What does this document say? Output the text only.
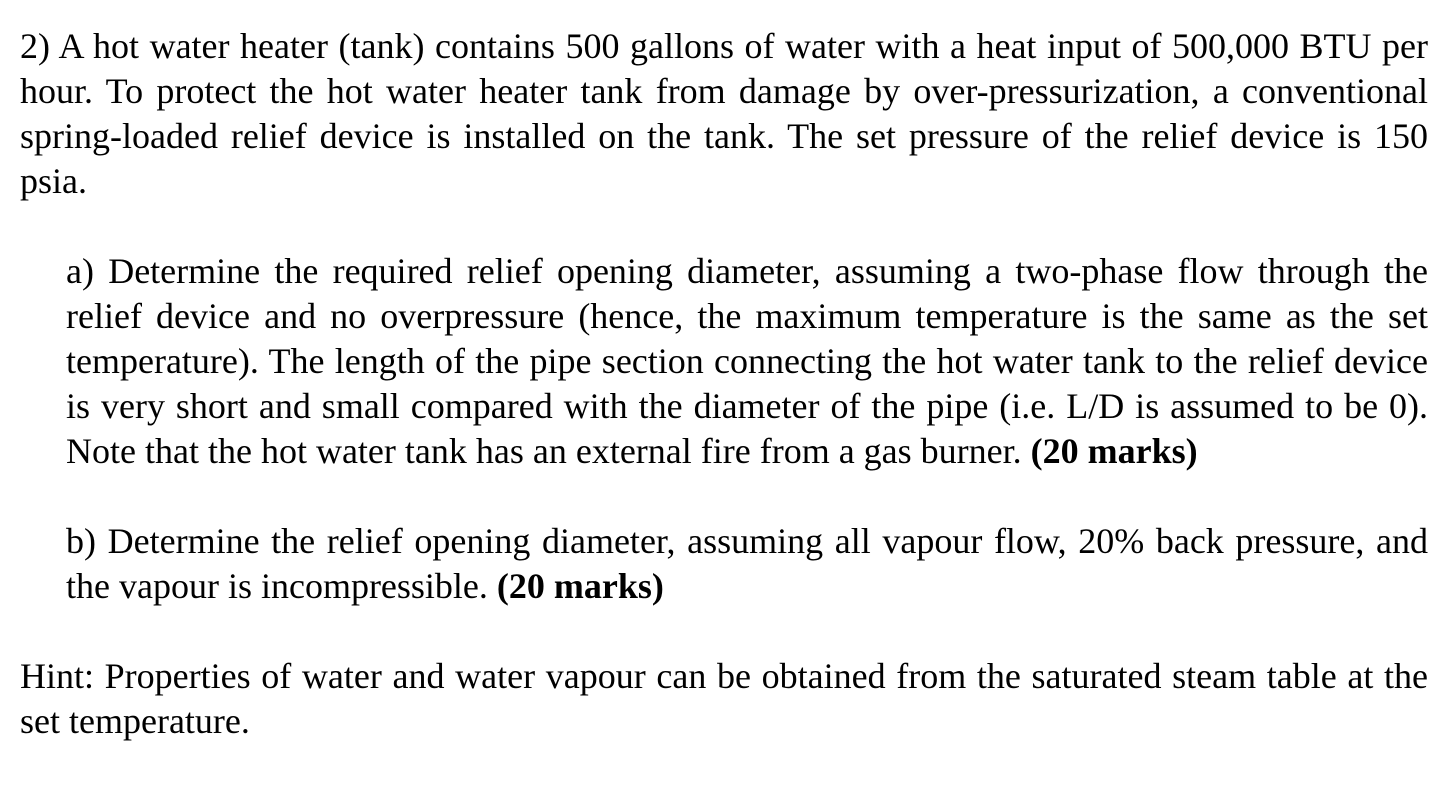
2) A hot water heater (tank) contains 500 gallons of water with a heat input of 500,000 BTU per hour. To protect the hot water heater tank from damage by over-pressurization, a conventional spring-loaded relief device is installed on the tank. The set pressure of the relief device is 150 psia.

a) Determine the required relief opening diameter, assuming a two-phase flow through the relief device and no overpressure (hence, the maximum temperature is the same as the set temperature). The length of the pipe section connecting the hot water tank to the relief device is very short and small compared with the diameter of the pipe (i.e. L/D is assumed to be 0). Note that the hot water tank has an external fire from a gas burner. (20 marks)

b) Determine the relief opening diameter, assuming all vapour flow, 20% back pressure, and the vapour is incompressible. (20 marks)

Hint: Properties of water and water vapour can be obtained from the saturated steam table at the set temperature.
